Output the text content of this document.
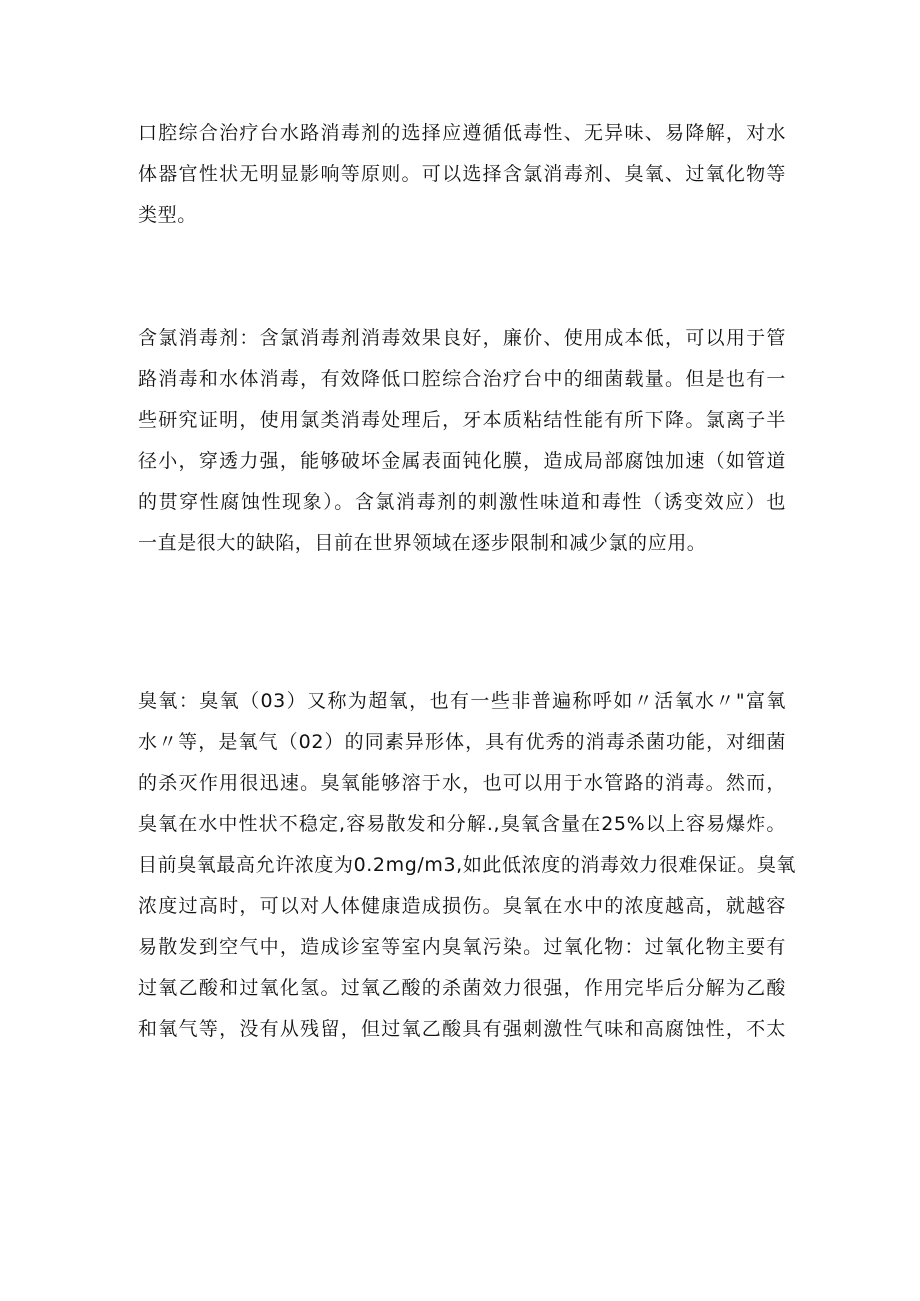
口腔综合治疗台水路消毒剂的选择应遵循低毒性、无异味、易降解，对水
体器官性状无明显影响等原则。可以选择含氯消毒剂、臭氧、过氧化物等
类型。

含氯消毒剂：含氯消毒剂消毒效果良好，廉价、使用成本低，可以用于管
路消毒和水体消毒，有效降低口腔综合治疗台中的细菌载量。但是也有一
些研究证明，使用氯类消毒处理后，牙本质粘结性能有所下降。氯离子半
径小，穿透力强，能够破坏金属表面钝化膜，造成局部腐蚀加速（如管道
的贯穿性腐蚀性现象）。含氯消毒剂的刺激性味道和毒性（诱变效应）也
一直是很大的缺陷，目前在世界领域在逐步限制和减少氯的应用。

臭氧：臭氧（03）又称为超氧，也有一些非普遍称呼如〃活氧水〃"富氧
水〃等，是氧气（02）的同素异形体，具有优秀的消毒杀菌功能，对细菌
的杀灭作用很迅速。臭氧能够溶于水，也可以用于水管路的消毒。然而，
臭氧在水中性状不稳定,容易散发和分解.,臭氧含量在25%以上容易爆炸。
目前臭氧最高允许浓度为0.2mg∕m3,如此低浓度的消毒效力很难保证。臭氧
浓度过高时，可以对人体健康造成损伤。臭氧在水中的浓度越高，就越容
易散发到空气中，造成诊室等室内臭氧污染。过氧化物：过氧化物主要有
过氧乙酸和过氧化氢。过氧乙酸的杀菌效力很强，作用完毕后分解为乙酸
和氧气等，没有从残留，但过氧乙酸具有强刺激性气味和高腐蚀性，不太
